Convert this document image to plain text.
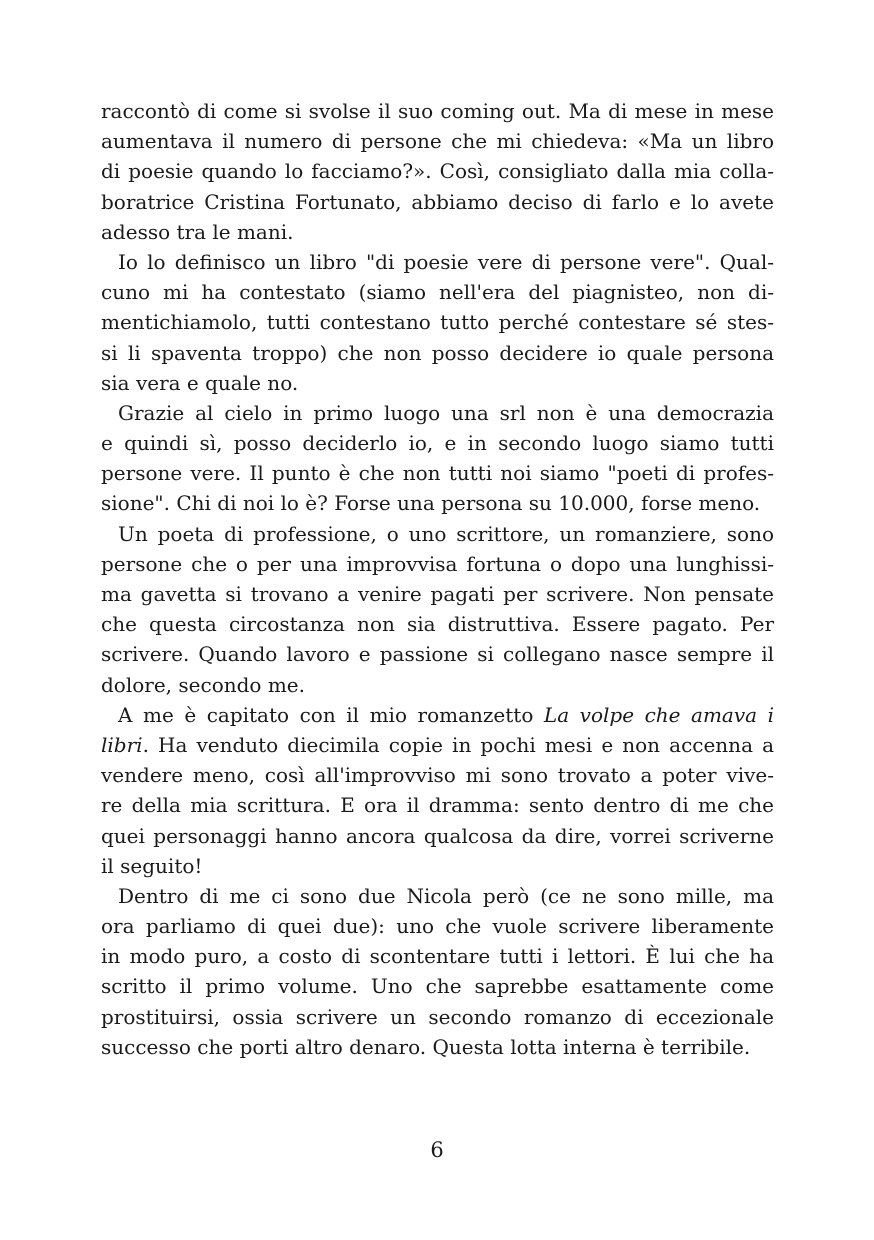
raccontò di come si svolse il suo coming out. Ma di mese in mese
aumentava il numero di persone che mi chiedeva: «Ma un libro
di poesie quando lo facciamo?». Così, consigliato dalla mia colla-
boratrice Cristina Fortunato, abbiamo deciso di farlo e lo avete
adesso tra le mani.
Io lo definisco un libro "di poesie vere di persone vere". Qual-
cuno mi ha contestato (siamo nell'era del piagnisteo, non di-
mentichiamolo, tutti contestano tutto perché contestare sé stes-
si li spaventa troppo) che non posso decidere io quale persona
sia vera e quale no.
Grazie al cielo in primo luogo una srl non è una democrazia
e quindi sì, posso deciderlo io, e in secondo luogo siamo tutti
persone vere. Il punto è che non tutti noi siamo "poeti di profes-
sione". Chi di noi lo è? Forse una persona su 10.000, forse meno.
Un poeta di professione, o uno scrittore, un romanziere, sono
persone che o per una improvvisa fortuna o dopo una lunghissi-
ma gavetta si trovano a venire pagati per scrivere. Non pensate
che questa circostanza non sia distruttiva. Essere pagato. Per
scrivere. Quando lavoro e passione si collegano nasce sempre il
dolore, secondo me.
A me è capitato con il mio romanzetto La volpe che amava i
libri. Ha venduto diecimila copie in pochi mesi e non accenna a
vendere meno, così all'improvviso mi sono trovato a poter vive-
re della mia scrittura. E ora il dramma: sento dentro di me che
quei personaggi hanno ancora qualcosa da dire, vorrei scriverne
il seguito!
Dentro di me ci sono due Nicola però (ce ne sono mille, ma
ora parliamo di quei due): uno che vuole scrivere liberamente
in modo puro, a costo di scontentare tutti i lettori. È lui che ha
scritto il primo volume. Uno che saprebbe esattamente come
prostituirsi, ossia scrivere un secondo romanzo di eccezionale
successo che porti altro denaro. Questa lotta interna è terribile.
6
